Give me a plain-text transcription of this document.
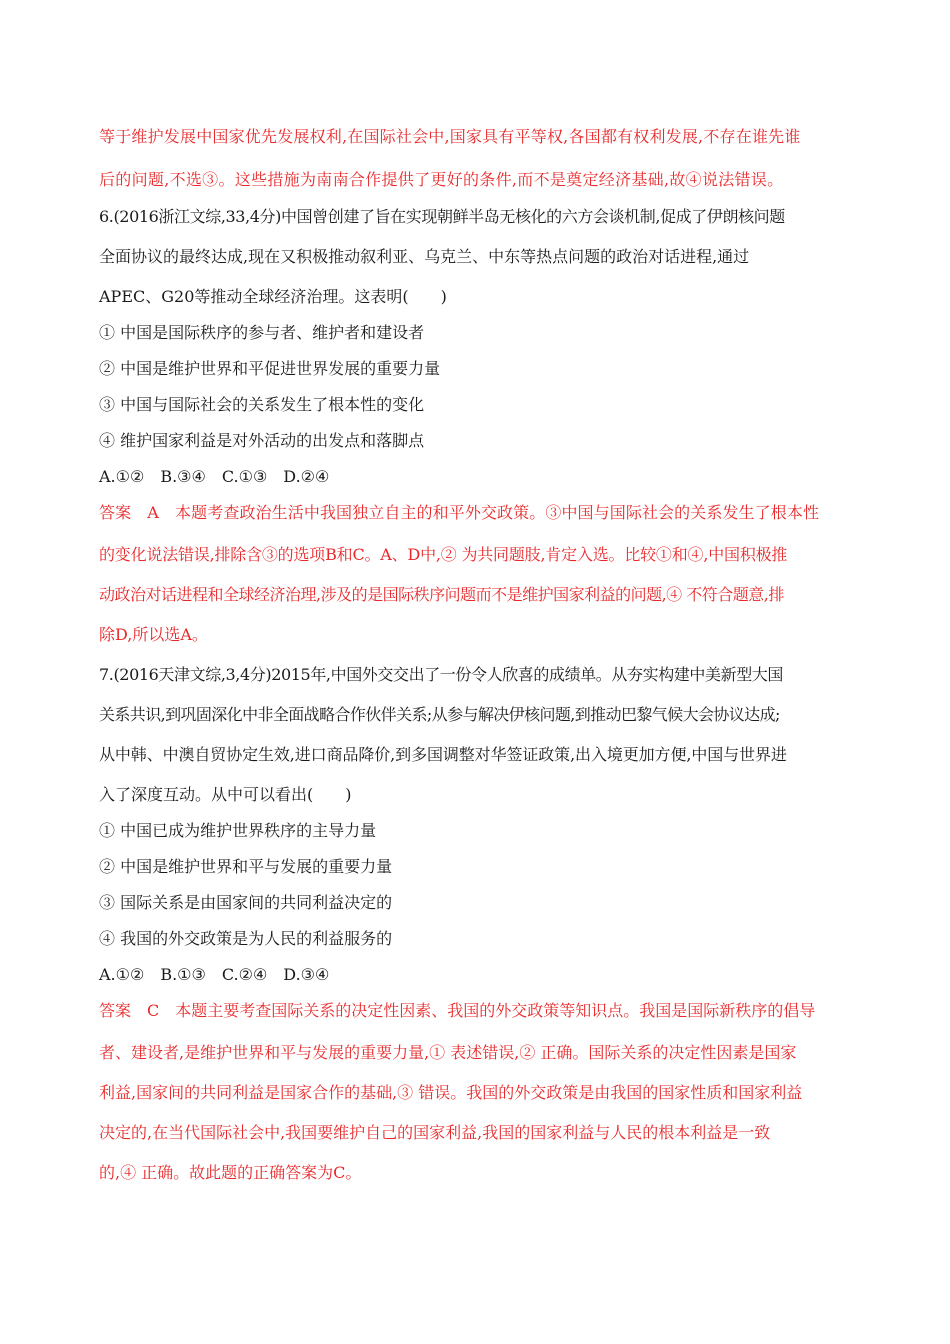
等于维护发展中国家优先发展权利,在国际社会中,国家具有平等权,各国都有权利发展,不存在谁先谁
后的问题,不选③。这些措施为南南合作提供了更好的条件,而不是奠定经济基础,故④说法错误。
6.(2016浙江文综,33,4分)中国曾创建了旨在实现朝鲜半岛无核化的六方会谈机制,促成了伊朗核问题
全面协议的最终达成,现在又积极推动叙利亚、乌克兰、中东等热点问题的政治对话进程,通过
APEC、G20等推动全球经济治理。这表明(　　)
① 中国是国际秩序的参与者、维护者和建设者
② 中国是维护世界和平促进世界发展的重要力量
③ 中国与国际社会的关系发生了根本性的变化
④ 维护国家利益是对外活动的出发点和落脚点
A.①②　B.③④　C.①③　D.②④
答案　A　本题考查政治生活中我国独立自主的和平外交政策。③中国与国际社会的关系发生了根本性
的变化说法错误,排除含③的选项B和C。A、D中,② 为共同题肢,肯定入选。比较①和④,中国积极推
动政治对话进程和全球经济治理,涉及的是国际秩序问题而不是维护国家利益的问题,④ 不符合题意,排
除D,所以选A。
7.(2016天津文综,3,4分)2015年,中国外交交出了一份令人欣喜的成绩单。从夯实构建中美新型大国
关系共识,到巩固深化中非全面战略合作伙伴关系;从参与解决伊核问题,到推动巴黎气候大会协议达成;
从中韩、中澳自贸协定生效,进口商品降价,到多国调整对华签证政策,出入境更加方便,中国与世界进
入了深度互动。从中可以看出(　　)
① 中国已成为维护世界秩序的主导力量
② 中国是维护世界和平与发展的重要力量
③ 国际关系是由国家间的共同利益决定的
④ 我国的外交政策是为人民的利益服务的
A.①②　B.①③　C.②④　D.③④
答案　C　本题主要考查国际关系的决定性因素、我国的外交政策等知识点。我国是国际新秩序的倡导
者、建设者,是维护世界和平与发展的重要力量,① 表述错误,② 正确。国际关系的决定性因素是国家
利益,国家间的共同利益是国家合作的基础,③ 错误。我国的外交政策是由我国的国家性质和国家利益
决定的,在当代国际社会中,我国要维护自己的国家利益,我国的国家利益与人民的根本利益是一致
的,④ 正确。故此题的正确答案为C。
